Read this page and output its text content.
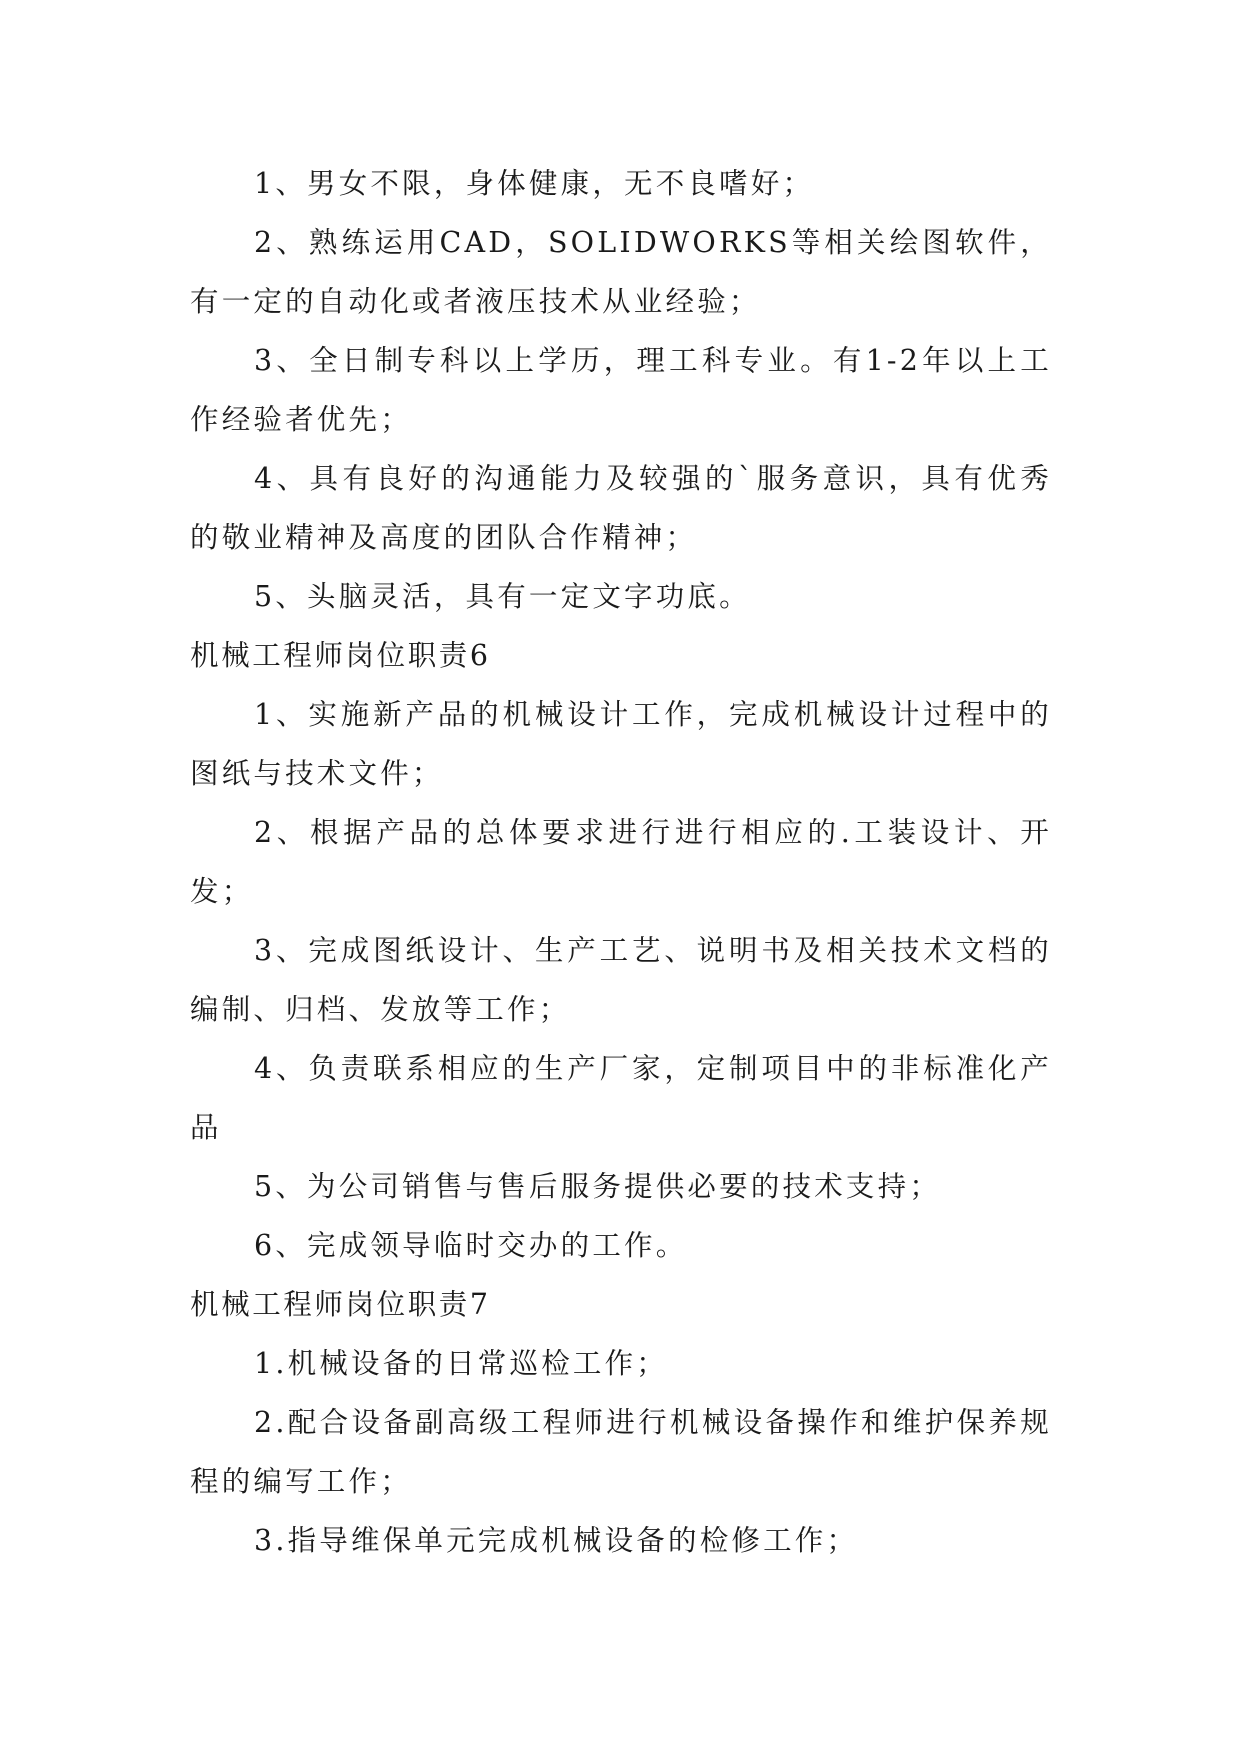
1、男女不限，身体健康，无不良嗜好；

2、熟练运用CAD，SOLIDWORKS等相关绘图软件，有一定的自动化或者液压技术从业经验；

3、全日制专科以上学历，理工科专业。有1-2年以上工作经验者优先；

4、具有良好的沟通能力及较强的`服务意识，具有优秀的敬业精神及高度的团队合作精神；

5、头脑灵活，具有一定文字功底。

机械工程师岗位职责6

1、实施新产品的机械设计工作，完成机械设计过程中的图纸与技术文件；

2、根据产品的总体要求进行进行相应的.工装设计、开发；

3、完成图纸设计、生产工艺、说明书及相关技术文档的编制、归档、发放等工作；

4、负责联系相应的生产厂家，定制项目中的非标准化产品

5、为公司销售与售后服务提供必要的技术支持；

6、完成领导临时交办的工作。

机械工程师岗位职责7

1.机械设备的日常巡检工作；

2.配合设备副高级工程师进行机械设备操作和维护保养规程的编写工作；

3.指导维保单元完成机械设备的检修工作；
